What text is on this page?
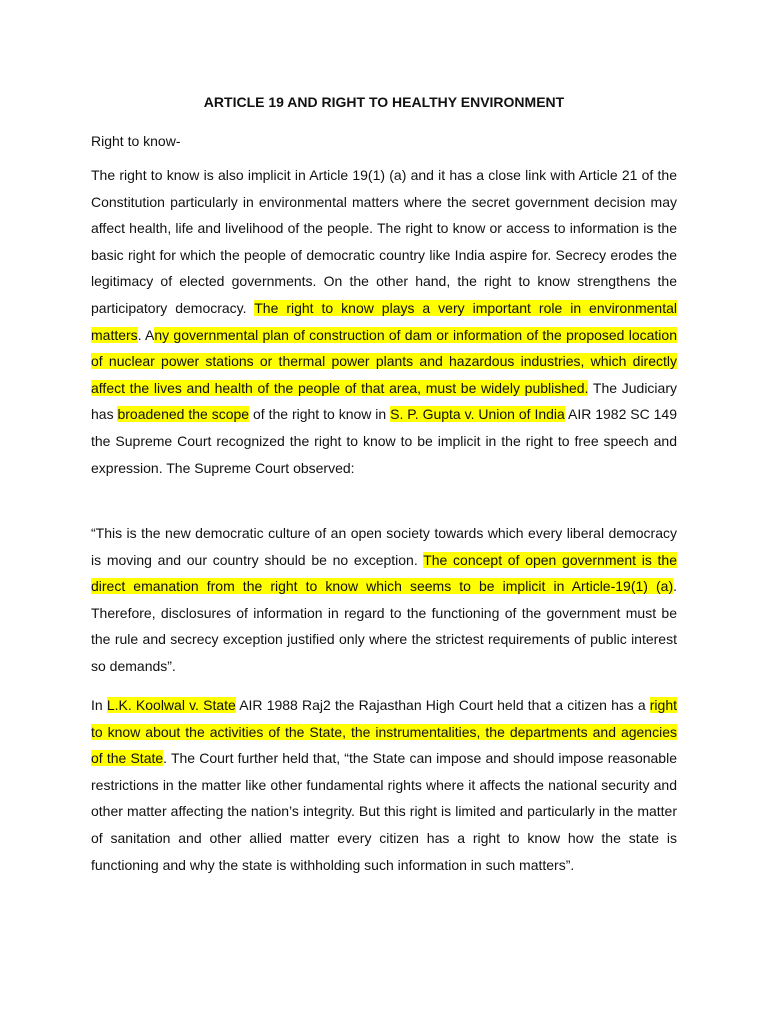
ARTICLE 19 AND RIGHT TO HEALTHY ENVIRONMENT

Right to know-

The right to know is also implicit in Article 19(1) (a) and it has a close link with Article 21 of the Constitution particularly in environmental matters where the secret government decision may affect health, life and livelihood of the people. The right to know or access to information is the basic right for which the people of democratic country like India aspire for. Secrecy erodes the legitimacy of elected governments. On the other hand, the right to know strengthens the participatory democracy. The right to know plays a very important role in environmental matters. Any governmental plan of construction of dam or information of the proposed location of nuclear power stations or thermal power plants and hazardous industries, which directly affect the lives and health of the people of that area, must be widely published. The Judiciary has broadened the scope of the right to know in S. P. Gupta v. Union of India AIR 1982 SC 149 the Supreme Court recognized the right to know to be implicit in the right to free speech and expression. The Supreme Court observed:

“This is the new democratic culture of an open society towards which every liberal democracy is moving and our country should be no exception. The concept of open government is the direct emanation from the right to know which seems to be implicit in Article-19(1) (a). Therefore, disclosures of information in regard to the functioning of the government must be the rule and secrecy exception justified only where the strictest requirements of public interest so demands”.

In L.K. Koolwal v. State AIR 1988 Raj2 the Rajasthan High Court held that a citizen has a right to know about the activities of the State, the instrumentalities, the departments and agencies of the State. The Court further held that, “the State can impose and should impose reasonable restrictions in the matter like other fundamental rights where it affects the national security and other matter affecting the nation’s integrity. But this right is limited and particularly in the matter of sanitation and other allied matter every citizen has a right to know how the state is functioning and why the state is withholding such information in such matters”.
